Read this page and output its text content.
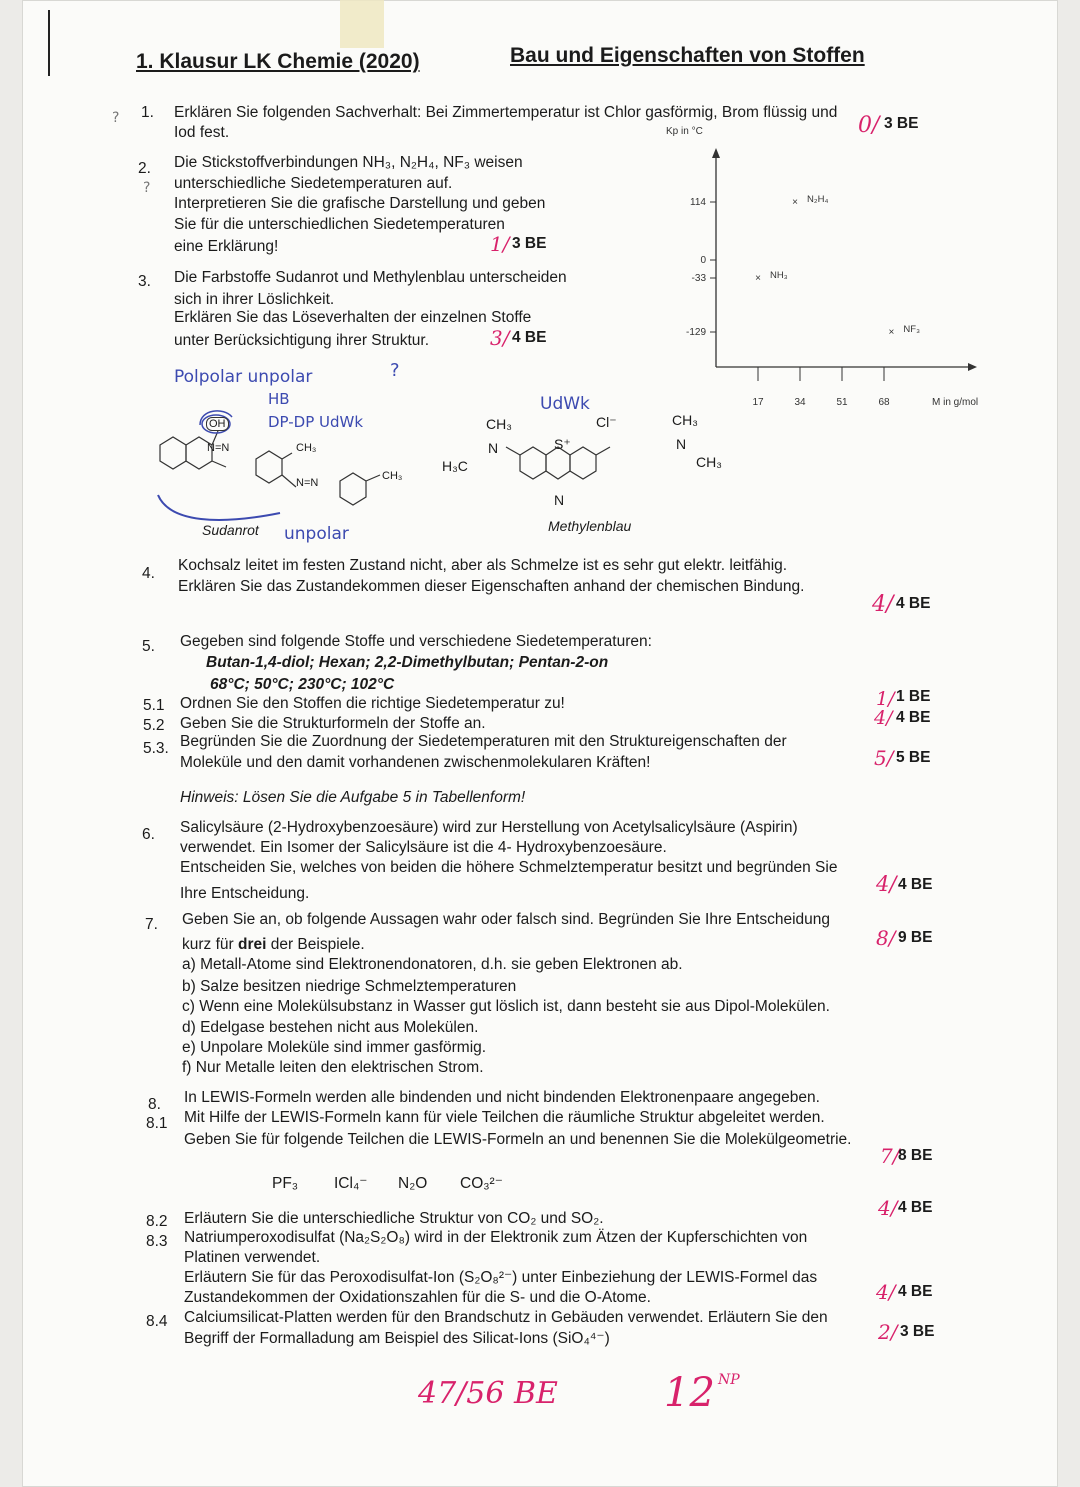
1. Klausur LK Chemie (2020)	Bau und Eigenschaften von Stoffen
? 1. Erklären Sie folgenden Sachverhalt: Bei Zimmertemperatur ist Chlor gasförmig, Brom flüssig und
Iod fest.	0/ 3 BE
2.
?
Die Stickstoffverbindungen NH₃, N₂H₄, NF₃ weisen
unterschiedliche Siedetemperaturen auf.
Interpretieren Sie die grafische Darstellung und geben
Sie für die unterschiedlichen Siedetemperaturen
eine Erklärung!	1/ 3 BE
Kp in °C
M in g/mol
114
0
-33
-129
17	34	51	68
× N₂H₄
× NH₃
× NF₃
3. Die Farbstoffe Sudanrot und Methylenblau unterscheiden
sich in ihrer Löslichkeit.
Erklären Sie das Löseverhalten der einzelnen Stoffe
unter Berücksichtigung ihrer Struktur.	3/ 4 BE
Polpolar unpolar	?
HB
DP-DP UdWk
UdWk
unpolar
OH
N=N	CH₃
N=N
CH₃
CH₃
N
H₃C
Cl⁻
S⁺
N
CH₃
N
CH₃
Sudanrot	Methylenblau
4. Kochsalz leitet im festen Zustand nicht, aber als Schmelze ist es sehr gut elektr. leitfähig.
Erklären Sie das Zustandekommen dieser Eigenschaften anhand der chemischen Bindung.
4/ 4 BE
5. Gegeben sind folgende Stoffe und verschiedene Siedetemperaturen:
Butan-1,4-diol; Hexan; 2,2-Dimethylbutan; Pentan-2-on
68°C; 50°C; 230°C; 102°C
5.1 Ordnen Sie den Stoffen die richtige Siedetemperatur zu!	1/ 1 BE
5.2 Geben Sie die Strukturformeln der Stoffe an.	4/ 4 BE
5.3. Begründen Sie die Zuordnung der Siedetemperaturen mit den Struktureigenschaften der
Moleküle und den damit vorhandenen zwischenmolekularen Kräften!	5/ 5 BE
Hinweis: Lösen Sie die Aufgabe 5 in Tabellenform!
6. Salicylsäure (2-Hydroxybenzoesäure) wird zur Herstellung von Acetylsalicylsäure (Aspirin)
verwendet. Ein Isomer der Salicylsäure ist die 4- Hydroxybenzoesäure.
Entscheiden Sie, welches von beiden die höhere Schmelztemperatur besitzt und begründen Sie
Ihre Entscheidung.	4/ 4 BE
7. Geben Sie an, ob folgende Aussagen wahr oder falsch sind. Begründen Sie Ihre Entscheidung
kurz für drei der Beispiele.	8/ 9 BE
a) Metall-Atome sind Elektronendonatoren, d.h. sie geben Elektronen ab.
b) Salze besitzen niedrige Schmelztemperaturen
c) Wenn eine Molekülsubstanz in Wasser gut löslich ist, dann besteht sie aus Dipol-Molekülen.
d) Edelgase bestehen nicht aus Molekülen.
e) Unpolare Moleküle sind immer gasförmig.
f) Nur Metalle leiten den elektrischen Strom.
8. In LEWIS-Formeln werden alle bindenden und nicht bindenden Elektronenpaare angegeben.
8.1 Mit Hilfe der LEWIS-Formeln kann für viele Teilchen die räumliche Struktur abgeleitet werden.
Geben Sie für folgende Teilchen die LEWIS-Formeln an und benennen Sie die Molekülgeometrie.
7/
8 BE
PF₃ ICl₄⁻ N₂O CO₃²⁻
8.2 Erläutern Sie die unterschiedliche Struktur von CO₂ und SO₂.	4/ 4 BE
8.3 Natriumperoxodisulfat (Na₂S₂O₈) wird in der Elektronik zum Ätzen der Kupferschichten von
Platinen verwendet.
Erläutern Sie für das Peroxodisulfat-Ion (S₂O₈²⁻) unter Einbeziehung der LEWIS-Formel das
Zustandekommen der Oxidationszahlen für die S- und die O-Atome.	4/ 4 BE
8.4 Calciumsilicat-Platten werden für den Brandschutz in Gebäuden verwendet. Erläutern Sie den
Begriff der Formalladung am Beispiel des Silicat-Ions (SiO₄⁴⁻)	2/ 3 BE
47/56 BE	12 NP
